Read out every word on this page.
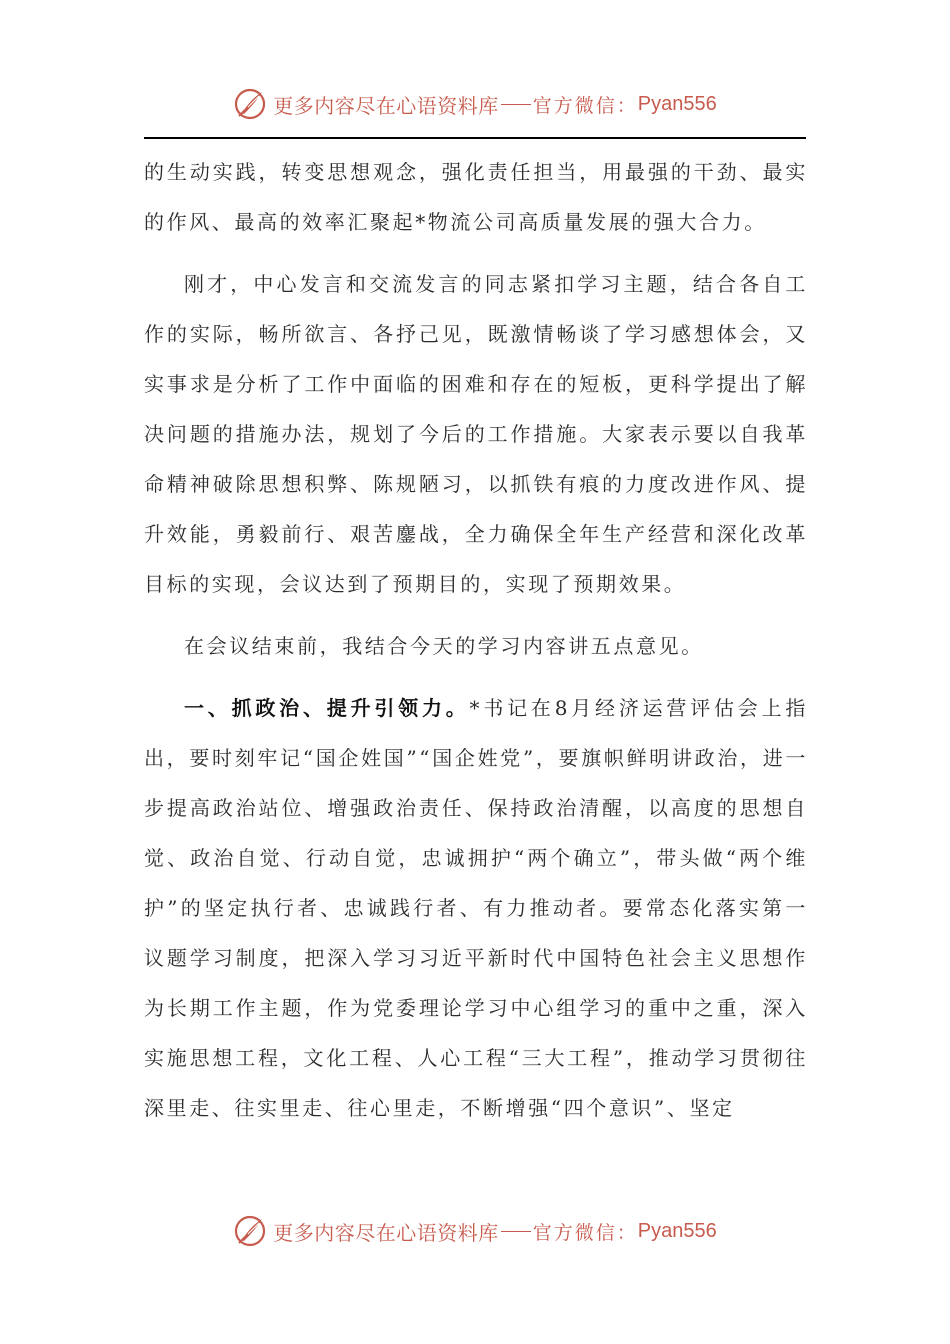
更多内容尽在心语资料库 官方微信： Pyan556

的生动实践，转变思想观念，强化责任担当，用最强的干劲、最实的作风、最高的效率汇聚起*物流公司高质量发展的强大合力。

刚才，中心发言和交流发言的同志紧扣学习主题，结合各自工作的实际，畅所欲言、各抒己见，既激情畅谈了学习感想体会，又实事求是分析了工作中面临的困难和存在的短板，更科学提出了解决问题的措施办法，规划了今后的工作措施。大家表示要以自我革命精神破除思想积弊、陈规陋习，以抓铁有痕的力度改进作风、提升效能，勇毅前行、艰苦鏖战，全力确保全年生产经营和深化改革目标的实现，会议达到了预期目的，实现了预期效果。

在会议结束前，我结合今天的学习内容讲五点意见。

一、抓政治、提升引领力。*书记在8月经济运营评估会上指出，要时刻牢记“国企姓国”“国企姓党”，要旗帜鲜明讲政治，进一步提高政治站位、增强政治责任、保持政治清醒，以高度的思想自觉、政治自觉、行动自觉，忠诚拥护“两个确立”，带头做“两个维护”的坚定执行者、忠诚践行者、有力推动者。要常态化落实第一议题学习制度，把深入学习习近平新时代中国特色社会主义思想作为长期工作主题，作为党委理论学习中心组学习的重中之重，深入实施思想工程，文化工程、人心工程“三大工程”，推动学习贯彻往深里走、往实里走、往心里走，不断增强“四个意识”、坚定

更多内容尽在心语资料库 官方微信： Pyan556
